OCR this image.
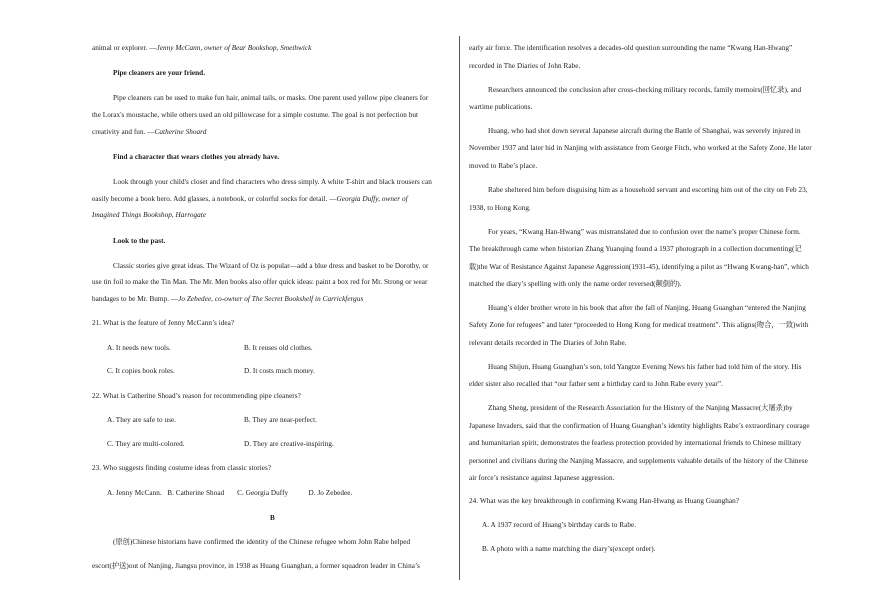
animal or explorer. —Jenny McCann, owner of Bear Bookshop, Smethwick
Pipe cleaners are your friend.
Pipe cleaners can be used to make fun hair, animal tails, or masks. One parent used yellow pipe cleaners for
the Lorax's moustache, while others used an old pillowcase for a simple costume. The goal is not perfection but
creativity and fun. —Catherine Shoard
Find a character that wears clothes you already have.
Look through your child's closet and find characters who dress simply. A white T-shirt and black trousers can
easily become a book hero. Add glasses, a notebook, or colorful socks for detail. —Georgia Duffy, owner of
Imagined Things Bookshop, Harrogate
Look to the past.
Classic stories give great ideas. The Wizard of Oz is popular—add a blue dress and basket to be Dorothy, or
use tin foil to make the Tin Man. The Mr. Men books also offer quick ideas: paint a box red for Mr. Strong or wear
bandages to be Mr. Bump. —Jo Zebedee, co-owner of The Secret Bookshelf in Carrickfergus
21. What is the feature of Jenny McCann’s idea?
A. It needs new tools.	B. It reuses old clothes.
C. It copies book roles.	D. It costs much money.
22. What is Catherine Shoad’s reason for recommending pipe cleaners?
A. They are safe to use.	B. They are near-perfect.
C. They are multi-colored.	D. They are creative-inspiring.
23. Who suggests finding costume ideas from classic stories?
A. Jenny McCann.   B. Catherine Shoad       C. Georgia Duffy           D. Jo Zebedee.
B
(原创)Chinese historians have confirmed the identity of the Chinese refugee whom John Rabe helped
escort(护送)out of Nanjing, Jiangsu province, in 1938 as Huang Guanghan, a former squadron leader in China’s
early air force. The identification resolves a decades-old question surrounding the name “Kwang Han-Hwang”
recorded in The Diaries of John Rabe.
Researchers announced the conclusion after cross-checking military records, family memoirs(回忆录), and
wartime publications.
Huang, who had shot down several Japanese aircraft during the Battle of Shanghai, was severely injured in
November 1937 and later hid in Nanjing with assistance from George Fitch, who worked at the Safety Zone. He later
moved to Rabe’s place.
Rabe sheltered him before disguising him as a household servant and escorting him out of the city on Feb 23,
1938, to Hong Kong.
For years, “Kwang Han-Hwang” was mistranslated due to confusion over the name’s proper Chinese form.
The breakthrough came when historian Zhang Yuanqing found a 1937 photograph in a collection documenting(记
载)the War of Resistance Against Japanese Aggression(1931-45), identifying a pilot as “Hwang Kwang-han”, which
matched the diary’s spelling with only the name order reversed(颠倒的).
Huang’s elder brother wrote in his book that after the fall of Nanjing, Huang Guanghan “entered the Nanjing
Safety Zone for refugees” and later “proceeded to Hong Kong for medical treatment”. This aligns(吻合，一致)with
relevant details recorded in The Diaries of John Rabe.
Huang Shijun, Huang Guanghan’s son, told Yangtze Evening News his father had told him of the story. His
elder sister also recalled that “our father sent a birthday card to John Rabe every year”.
Zhang Sheng, president of the Research Association for the History of the Nanjing Massacre(大屠杀)by
Japanese Invaders, said that the confirmation of Huang Guanghan’s identity highlights Rabe’s extraordinary courage
and humanitarian spirit, demonstrates the fearless protection provided by international friends to Chinese military
personnel and civilians during the Nanjing Massacre, and supplements valuable details of the history of the Chinese
air force’s resistance against Japanese aggression.
24. What was the key breakthrough in confirming Kwang Han-Hwang as Huang Guanghan?
A. A 1937 record of Huang’s birthday cards to Rabe.
B. A photo with a name matching the diary’s(except order).
